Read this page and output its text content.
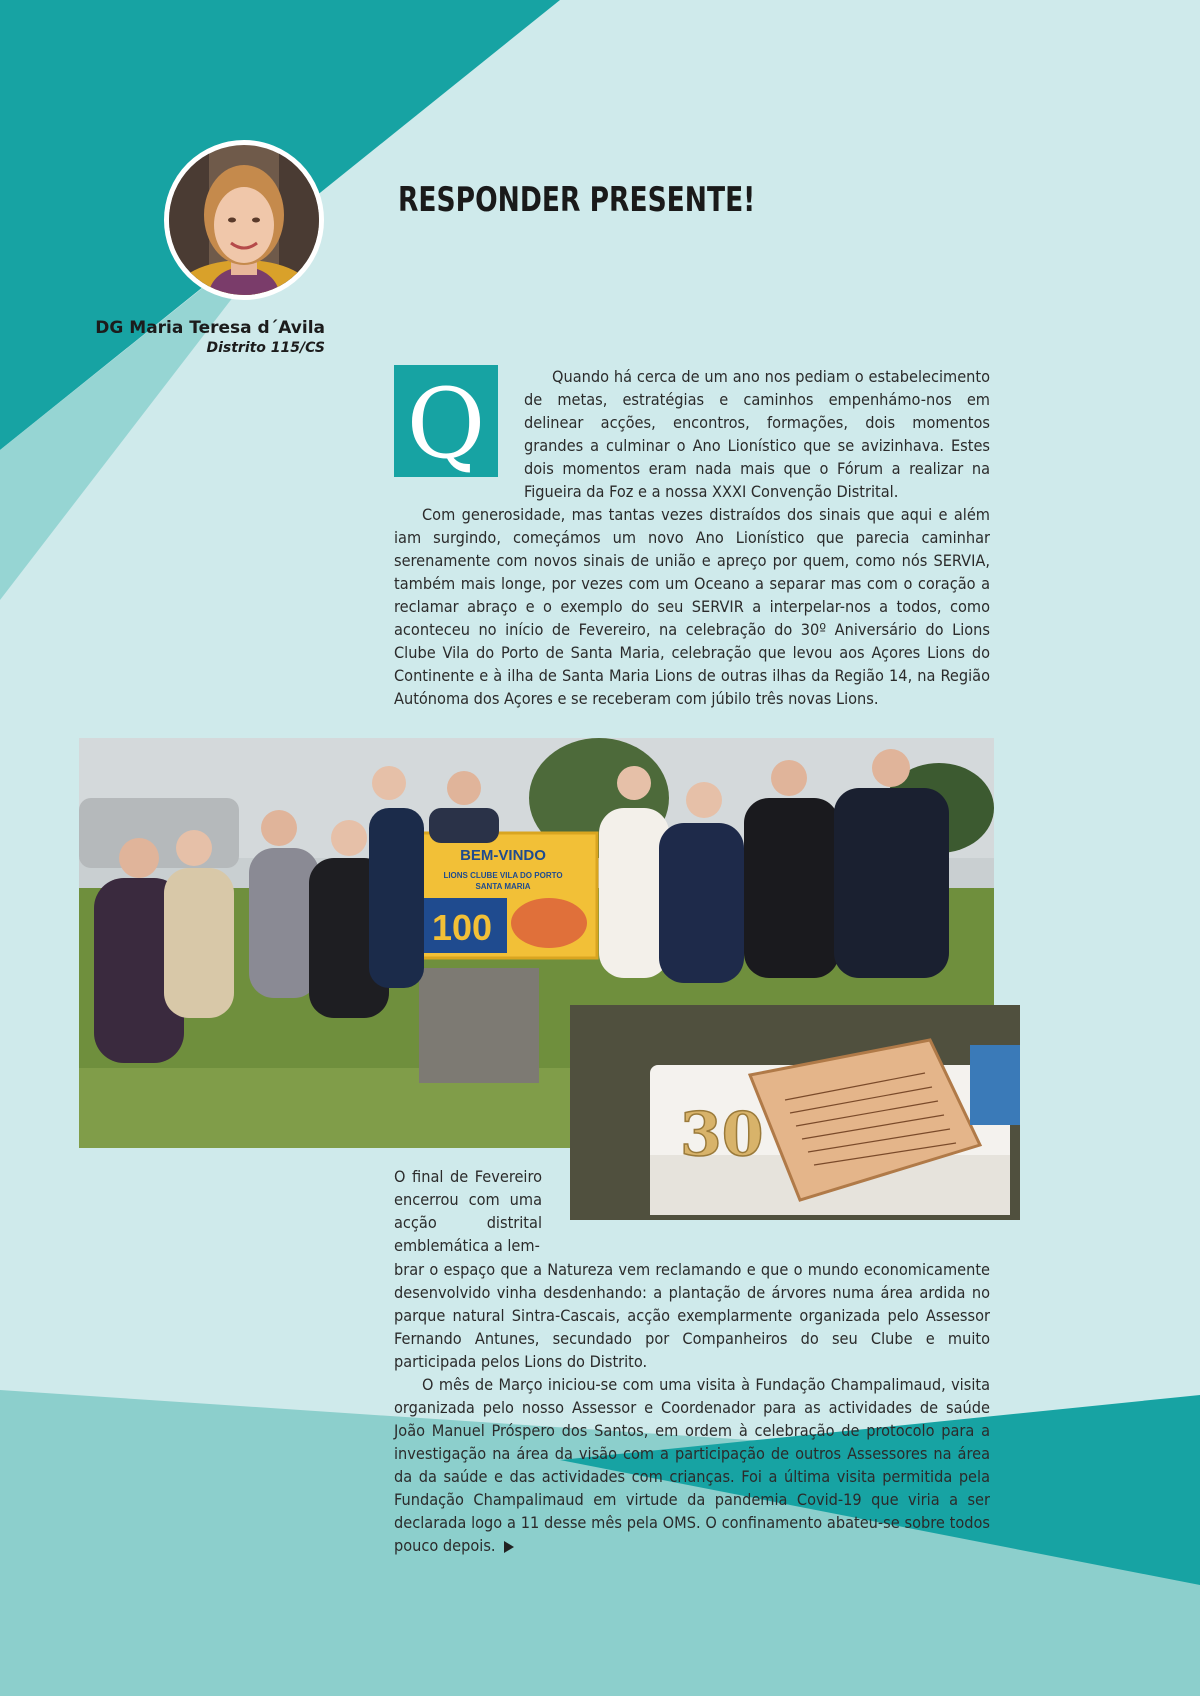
DG Maria Teresa d´Avila
Distrito 115/CS
RESPONDER PRESENTE!
Q	Quando há cerca de um ano nos pediam o estabelecimento de metas, estratégias e caminhos empenhámo-nos em delinear acções, encontros, formações, dois momentos grandes a culminar o Ano Lionístico que se avizinhava. Estes dois momentos eram nada mais que o Fórum a realizar na Figueira da Foz e a nossa XXXI Convenção Distrital.

Com generosidade, mas tantas vezes distraídos dos sinais que aqui e além iam surgindo, começámos um novo Ano Lionístico que parecia caminhar serenamente com novos sinais de união e apreço por quem, como nós SERVIA, também mais longe, por vezes com um Oceano a separar mas com o coração a reclamar abraço e o exemplo do seu SERVIR a interpelar-nos a todos, como aconteceu no início de Fevereiro, na celebração do 30º Aniversário do Lions Clube Vila do Porto de Santa Maria, celebração que levou aos Açores Lions do Continente e à ilha de Santa Maria Lions de outras ilhas da Região 14, na Região Autónoma dos Açores e se receberam com júbilo três novas Lions.

BEM-VINDO
LIONS CLUBE VILA DO PORTO
SANTA MARIA
100
30
O final de Fevereiro encerrou com uma acção distrital emblemática a lem-

brar o espaço que a Natureza vem reclamando e que o mundo economicamente desenvolvido vinha desdenhando: a plantação de árvores numa área ardida no parque natural Sintra-Cascais, acção exemplarmente organizada pelo Assessor Fernando Antunes, secundado por Companheiros do seu Clube e muito participada pelos Lions do Distrito.

O mês de Março iniciou-se com uma visita à Fundação Champalimaud, visita organizada pelo nosso Assessor e Coordenador para as actividades de saúde João Manuel Próspero dos Santos, em ordem à celebração de protocolo para a investigação na área da visão com a participação de outros Assessores na área da da saúde e das actividades com crianças. Foi a última visita permitida pela Fundação Champalimaud em virtude da pandemia Covid-19 que viria a ser declarada logo a 11 desse mês pela OMS. O confinamento abateu-se sobre todos pouco depois.
